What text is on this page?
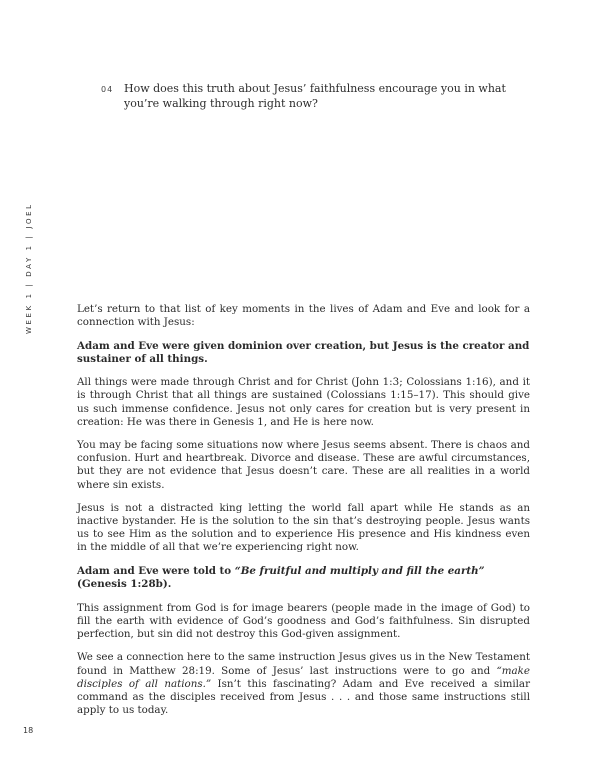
04 How does this truth about Jesus’ faithfulness encourage you in what you’re walking through right now?
WEEK 1 | DAY 1 | JOEL	Let’s return to that list of key moments in the lives of Adam and Eve and look for a connection with Jesus:

Adam and Eve were given dominion over creation, but Jesus is the creator and sustainer of all things.

All things were made through Christ and for Christ (John 1:3; Colossians 1:16), and it is through Christ that all things are sustained (Colossians 1:15–17). This should give us such immense confidence. Jesus not only cares for creation but is very present in creation: He was there in Genesis 1, and He is here now.

You may be facing some situations now where Jesus seems absent. There is chaos and confusion. Hurt and heartbreak. Divorce and disease. These are awful circumstances, but they are not evidence that Jesus doesn’t care. These are all realities in a world where sin exists.

Jesus is not a distracted king letting the world fall apart while He stands as an inactive bystander. He is the solution to the sin that’s destroying people. Jesus wants us to see Him as the solution and to experience His presence and His kindness even in the middle of all that we’re experiencing right now.

Adam and Eve were told to “Be fruitful and multiply and fill the earth” (Genesis 1:28b).

This assignment from God is for image bearers (people made in the image of God) to fill the earth with evidence of God’s goodness and God’s faithfulness. Sin disrupted perfection, but sin did not destroy this God-given assignment.

We see a connection here to the same instruction Jesus gives us in the New Testament found in Matthew 28:19. Some of Jesus’ last instructions were to go and “make disciples of all nations.” Isn’t this fascinating? Adam and Eve received a similar command as the disciples received from Jesus . . . and those same instructions still apply to us today.

18
